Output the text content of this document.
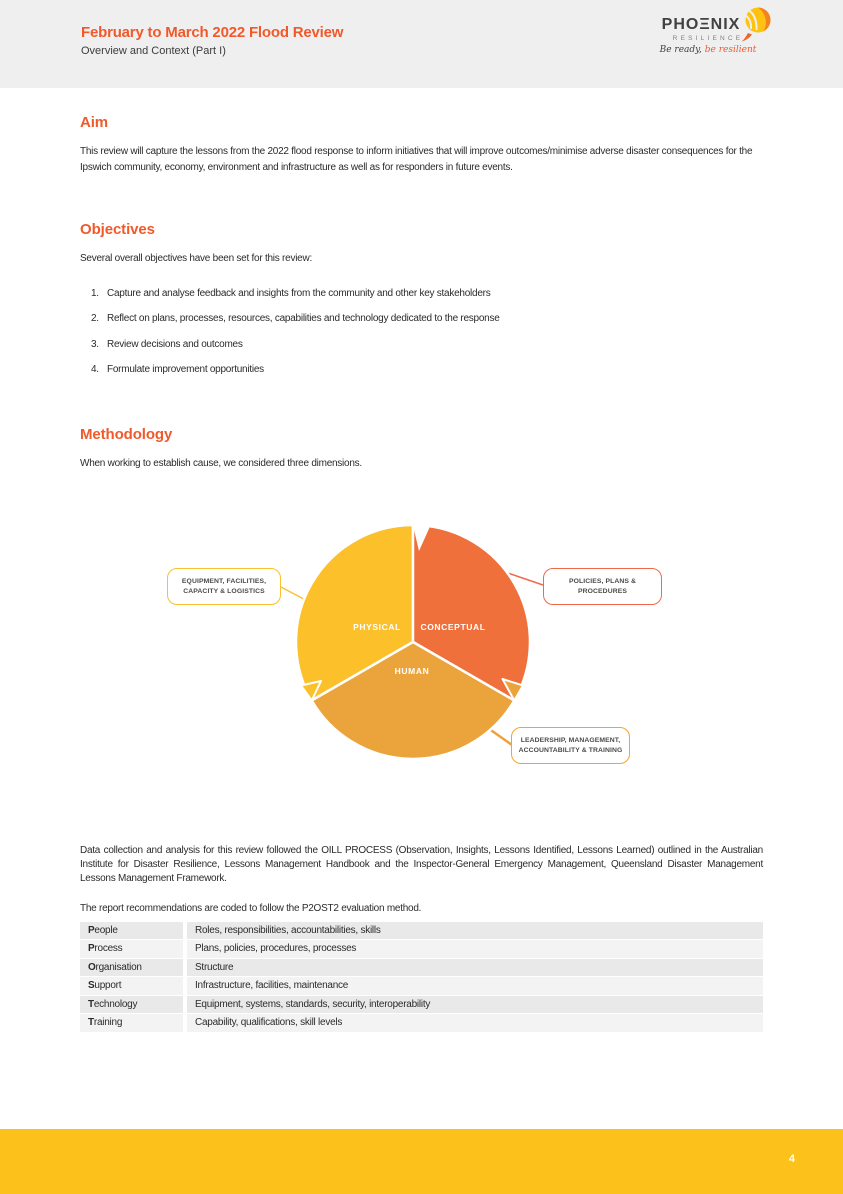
February to March 2022 Flood Review
Overview and Context (Part I)
PHOΞNIX
RESILIENCE
Be ready, be resilient
Aim

This review will capture the lessons from the 2022 flood response to inform initiatives that will improve outcomes/minimise adverse disaster consequences for the Ipswich community, economy, environment and infrastructure as well as for responders in future events.

Objectives

Several overall objectives have been set for this review:

1. Capture and analyse feedback and insights from the community and other key stakeholders
2. Reflect on plans, processes, resources, capabilities and technology dedicated to the response
3. Review decisions and outcomes
4. Formulate improvement opportunities
Methodology

When working to establish cause, we considered three dimensions.

PHYSICAL	CONCEPTUAL
HUMAN
EQUIPMENT, FACILITIES,
CAPACITY & LOGISTICS
POLICIES, PLANS & PROCEDURES
LEADERSHIP, MANAGEMENT,
ACCOUNTABILITY & TRAINING

Data collection and analysis for this review followed the OILL PROCESS (Observation, Insights, Lessons Identified, Lessons Learned) outlined in the Australian Institute for Disaster Resilience, Lessons Management Handbook and the Inspector-General Emergency Management, Queensland Disaster Management Lessons Management Framework.

The report recommendations are coded to follow the P2OST2 evaluation method.

People	Roles, responsibilities, accountabilities, skills
Process	Plans, policies, procedures, processes
Organisation	Structure
Support	Infrastructure, facilities, maintenance
Technology	Equipment, systems, standards, security, interoperability
Training	Capability, qualifications, skill levels
4
